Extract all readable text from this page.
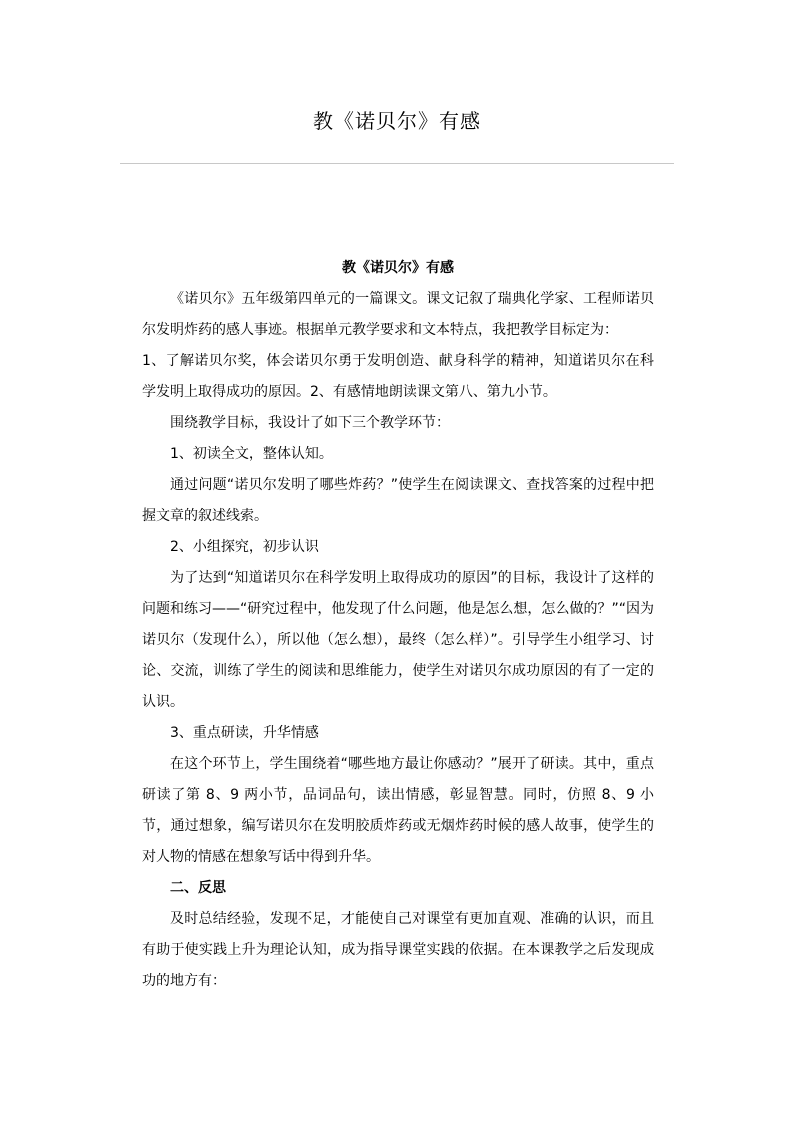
教《诺贝尔》有感
教《诺贝尔》有感

《诺贝尔》五年级第四单元的一篇课文。课文记叙了瑞典化学家、工程师诺贝尔发明炸药的感人事迹。根据单元教学要求和文本特点，我把教学目标定为：

1、了解诺贝尔奖，体会诺贝尔勇于发明创造、献身科学的精神，知道诺贝尔在科学发明上取得成功的原因。2、有感情地朗读课文第八、第九小节。

围绕教学目标，我设计了如下三个教学环节：

1、初读全文，整体认知。

通过问题“诺贝尔发明了哪些炸药？”使学生在阅读课文、查找答案的过程中把握文章的叙述线索。

2、小组探究，初步认识

为了达到“知道诺贝尔在科学发明上取得成功的原因”的目标，我设计了这样的问题和练习——“研究过程中，他发现了什么问题，他是怎么想，怎么做的？”“因为诺贝尔（发现什么），所以他（怎么想），最终（怎么样）”。引导学生小组学习、讨论、交流，训练了学生的阅读和思维能力，使学生对诺贝尔成功原因的有了一定的认识。

3、重点研读，升华情感

在这个环节上，学生围绕着“哪些地方最让你感动？”展开了研读。其中，重点研读了第 8、9 两小节，品词品句，读出情感，彰显智慧。同时，仿照 8、9 小节，通过想象，编写诺贝尔在发明胶质炸药或无烟炸药时候的感人故事，使学生的对人物的情感在想象写话中得到升华。

二、反思

及时总结经验，发现不足，才能使自己对课堂有更加直观、准确的认识，而且有助于使实践上升为理论认知，成为指导课堂实践的依据。在本课教学之后发现成功的地方有：
